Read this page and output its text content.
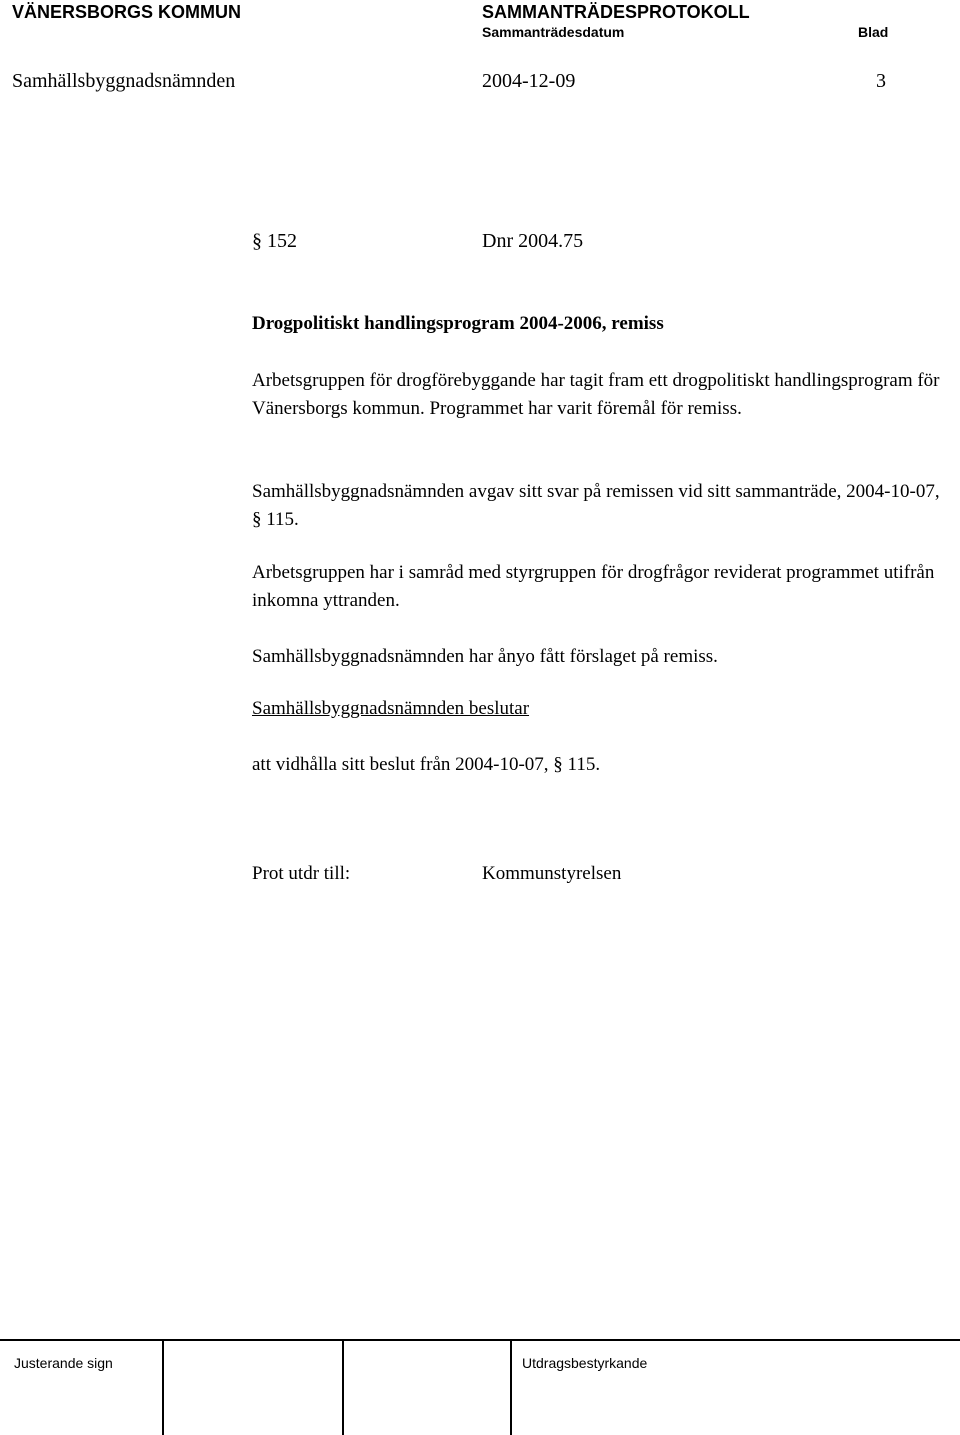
VÄNERSBORGS KOMMUN	SAMMANTRÄDESPROTOKOLL
Sammanträdesdatum	Blad
Samhällsbyggnadsnämnden	2004-12-09	3
§ 152	Dnr 2004.75
Drogpolitiskt handlingsprogram 2004-2006, remiss
Arbetsgruppen för drogförebyggande har tagit fram ett drogpolitiskt handlingsprogram för Vänersborgs kommun. Programmet har varit föremål för remiss.
Samhällsbyggnadsnämnden avgav sitt svar på remissen vid sitt sammanträde, 2004-10-07, § 115.
Arbetsgruppen har i samråd med styrgruppen för drogfrågor reviderat programmet utifrån inkomna yttranden.
Samhällsbyggnadsnämnden har ånyo fått förslaget på remiss.
Samhällsbyggnadsnämnden beslutar
att vidhålla sitt beslut från 2004-10-07, § 115.
Prot utdr till:	Kommunstyrelsen
Justerande sign	Utdragsbestyrkande
